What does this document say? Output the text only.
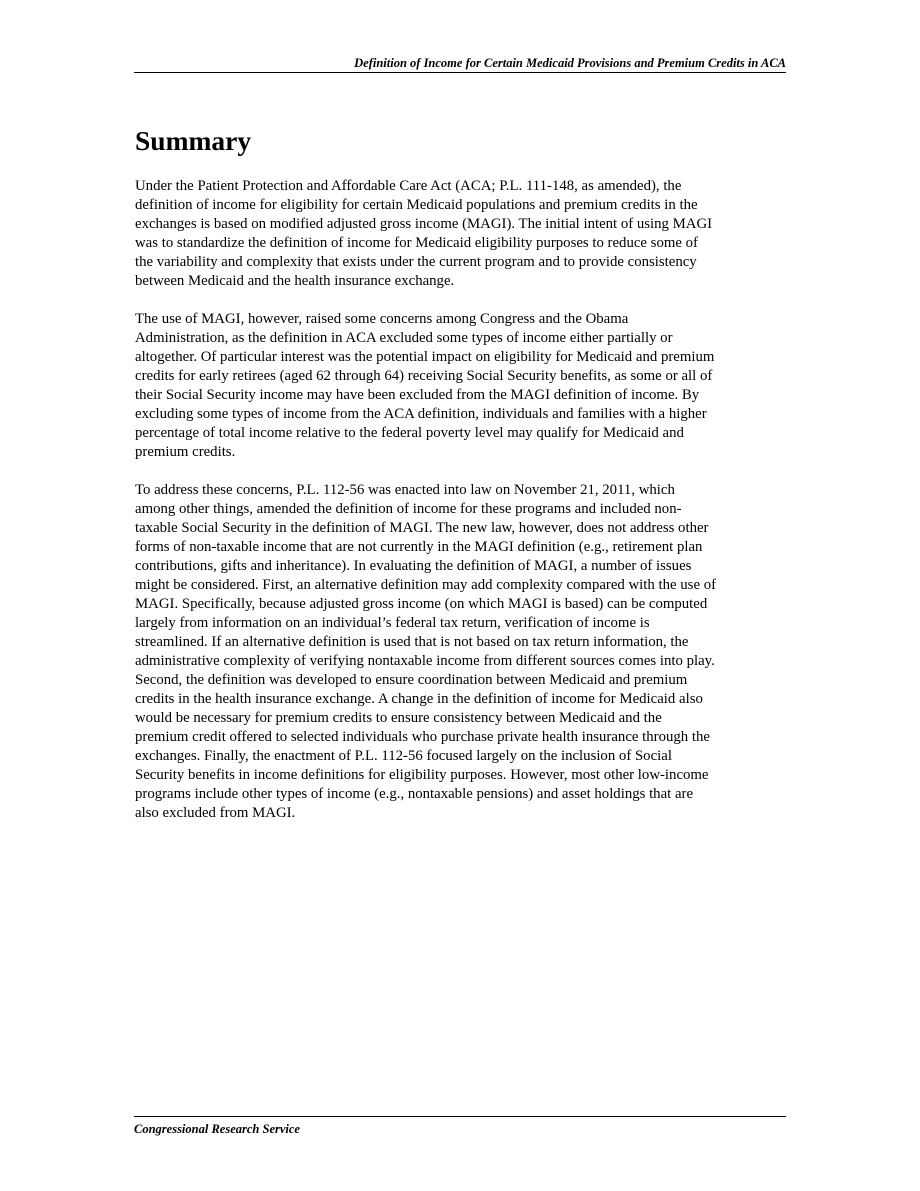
Definition of Income for Certain Medicaid Provisions and Premium Credits in ACA
Summary

Under the Patient Protection and Affordable Care Act (ACA; P.L. 111-148, as amended), the
definition of income for eligibility for certain Medicaid populations and premium credits in the
exchanges is based on modified adjusted gross income (MAGI). The initial intent of using MAGI
was to standardize the definition of income for Medicaid eligibility purposes to reduce some of
the variability and complexity that exists under the current program and to provide consistency
between Medicaid and the health insurance exchange.

The use of MAGI, however, raised some concerns among Congress and the Obama
Administration, as the definition in ACA excluded some types of income either partially or
altogether. Of particular interest was the potential impact on eligibility for Medicaid and premium
credits for early retirees (aged 62 through 64) receiving Social Security benefits, as some or all of
their Social Security income may have been excluded from the MAGI definition of income. By
excluding some types of income from the ACA definition, individuals and families with a higher
percentage of total income relative to the federal poverty level may qualify for Medicaid and
premium credits.

To address these concerns, P.L. 112-56 was enacted into law on November 21, 2011, which
among other things, amended the definition of income for these programs and included non-
taxable Social Security in the definition of MAGI. The new law, however, does not address other
forms of non-taxable income that are not currently in the MAGI definition (e.g., retirement plan
contributions, gifts and inheritance). In evaluating the definition of MAGI, a number of issues
might be considered. First, an alternative definition may add complexity compared with the use of
MAGI. Specifically, because adjusted gross income (on which MAGI is based) can be computed
largely from information on an individual’s federal tax return, verification of income is
streamlined. If an alternative definition is used that is not based on tax return information, the
administrative complexity of verifying nontaxable income from different sources comes into play.
Second, the definition was developed to ensure coordination between Medicaid and premium
credits in the health insurance exchange. A change in the definition of income for Medicaid also
would be necessary for premium credits to ensure consistency between Medicaid and the
premium credit offered to selected individuals who purchase private health insurance through the
exchanges. Finally, the enactment of P.L. 112-56 focused largely on the inclusion of Social
Security benefits in income definitions for eligibility purposes. However, most other low-income
programs include other types of income (e.g., nontaxable pensions) and asset holdings that are
also excluded from MAGI.

Congressional Research Service
